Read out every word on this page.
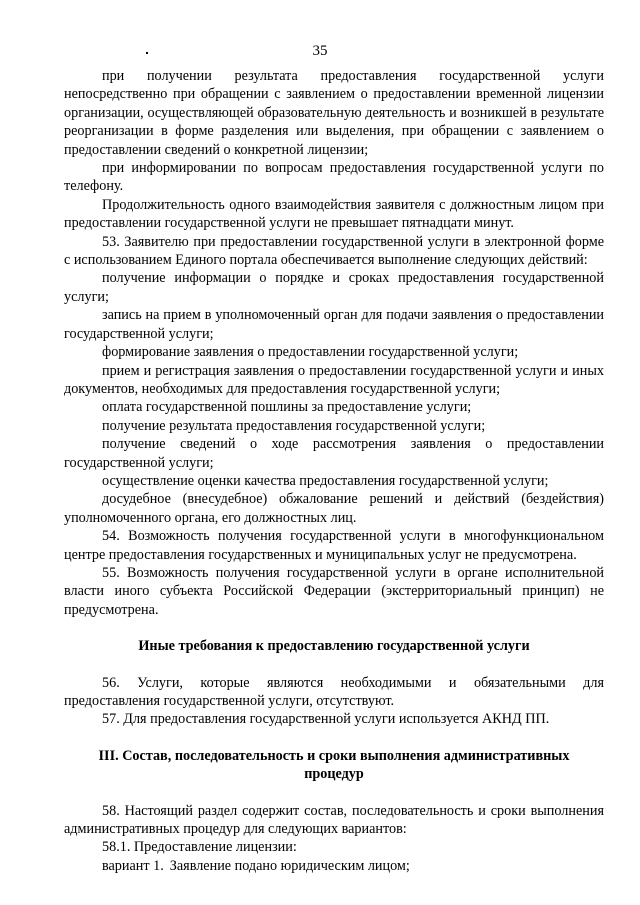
35

при получении результата предоставления государственной услуги непосредственно при обращении с заявлением о предоставлении временной лицензии организации, осуществляющей образовательную деятельность и возникшей в результате реорганизации в форме разделения или выделения, при обращении с заявлением о предоставлении сведений о конкретной лицензии;

при информировании по вопросам предоставления государственной услуги по телефону.

Продолжительность одного взаимодействия заявителя с должностным лицом при предоставлении государственной услуги не превышает пятнадцати минут.

53. Заявителю при предоставлении государственной услуги в электронной форме с использованием Единого портала обеспечивается выполнение следующих действий:

получение информации о порядке и сроках предоставления государственной услуги;

запись на прием в уполномоченный орган для подачи заявления о предоставлении государственной услуги;

формирование заявления о предоставлении государственной услуги;

прием и регистрация заявления о предоставлении государственной услуги и иных документов, необходимых для предоставления государственной услуги;

оплата государственной пошлины за предоставление услуги;

получение результата предоставления государственной услуги;

получение сведений о ходе рассмотрения заявления о предоставлении государственной услуги;

осуществление оценки качества предоставления государственной услуги;

досудебное (внесудебное) обжалование решений и действий (бездействия) уполномоченного органа, его должностных лиц.

54. Возможность получения государственной услуги в многофункциональном центре предоставления государственных и муниципальных услуг не предусмотрена.

55. Возможность получения государственной услуги в органе исполнительной власти иного субъекта Российской Федерации (экстерриториальный принцип) не предусмотрена.

Иные требования к предоставлению государственной услуги

56. Услуги, которые являются необходимыми и обязательными для предоставления государственной услуги, отсутствуют.

57. Для предоставления государственной услуги используется АКНД ПП.

III. Состав, последовательность и сроки выполнения административных процедур

58. Настоящий раздел содержит состав, последовательность и сроки выполнения административных процедур для следующих вариантов:

58.1. Предоставление лицензии:

вариант 1. Заявление подано юридическим лицом;
